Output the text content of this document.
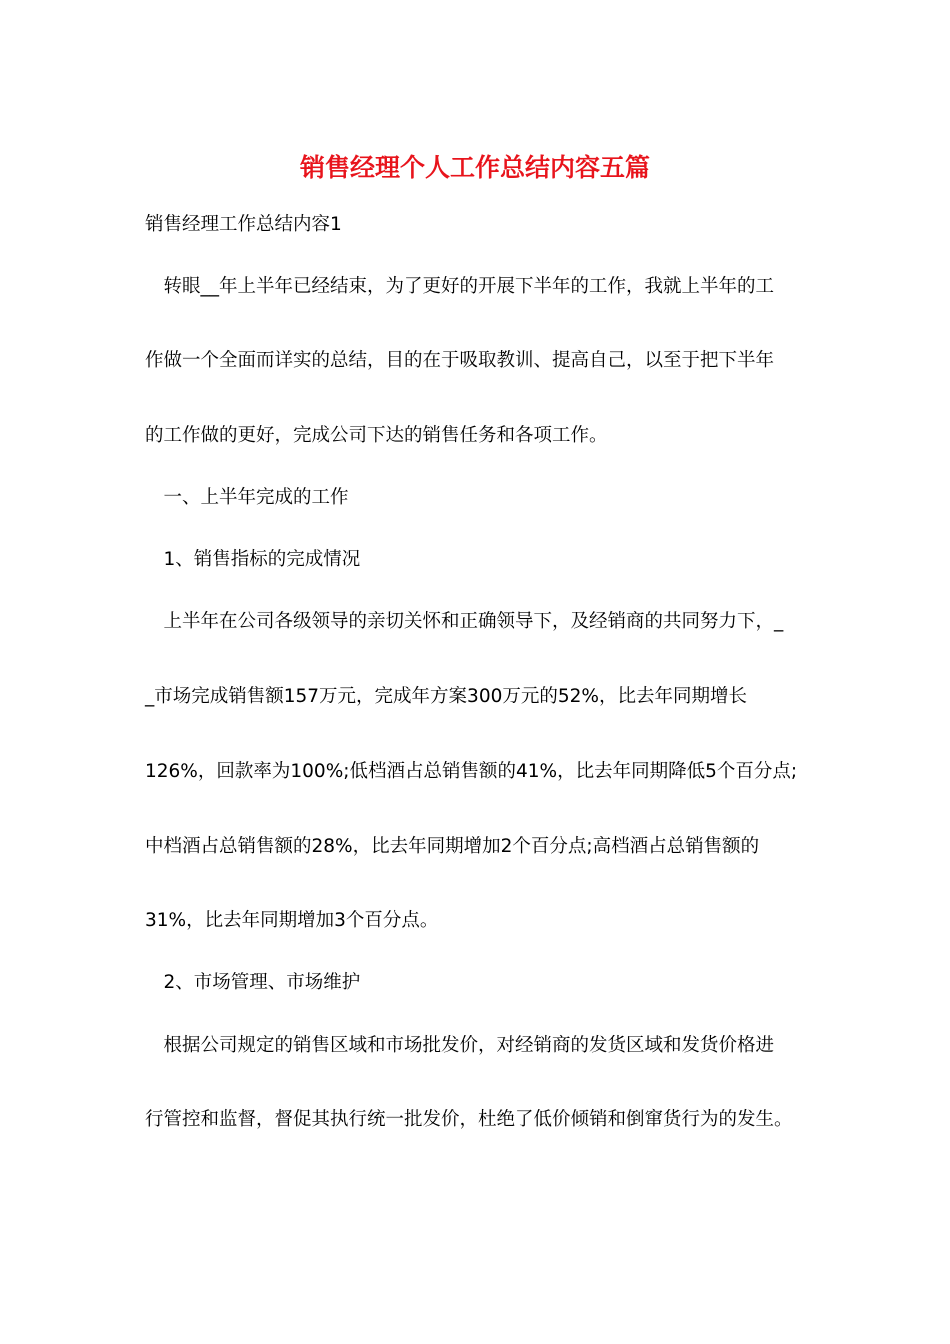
销售经理个人工作总结内容五篇
销售经理工作总结内容1
　转眼__年上半年已经结束，为了更好的开展下半年的工作，我就上半年的工
作做一个全面而详实的总结，目的在于吸取教训、提高自己，以至于把下半年
的工作做的更好，完成公司下达的销售任务和各项工作。
　一、上半年完成的工作
　1、销售指标的完成情况
　上半年在公司各级领导的亲切关怀和正确领导下，及经销商的共同努力下，_
_市场完成销售额157万元，完成年方案300万元的52%，比去年同期增长
126%，回款率为100%;低档酒占总销售额的41%，比去年同期降低5个百分点;
中档酒占总销售额的28%，比去年同期增加2个百分点;高档酒占总销售额的
31%，比去年同期增加3个百分点。
　2、市场管理、市场维护
　根据公司规定的销售区域和市场批发价，对经销商的发货区域和发货价格进
行管控和监督，督促其执行统一批发价，杜绝了低价倾销和倒窜货行为的发生。
